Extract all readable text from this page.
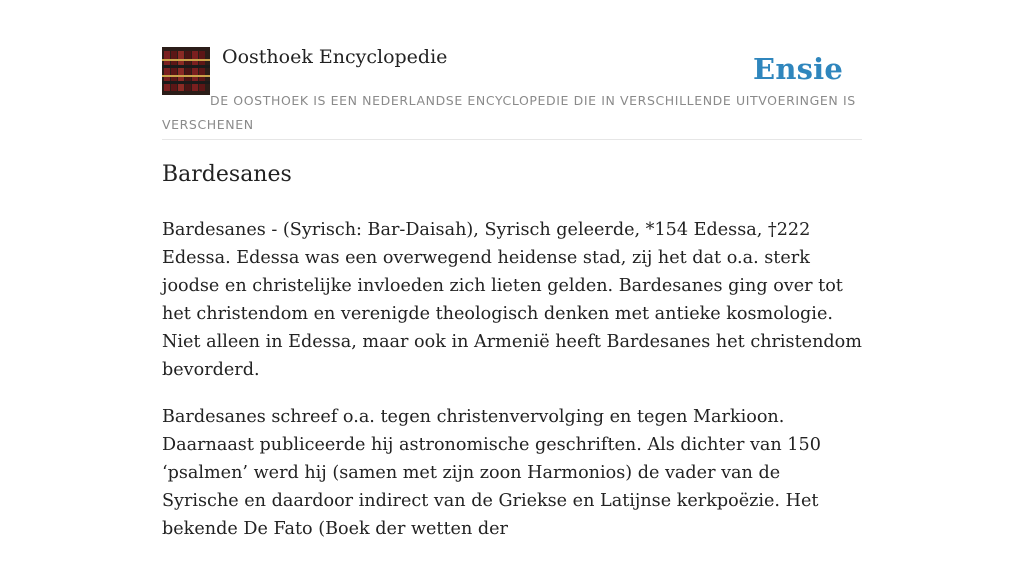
Oosthoek Encyclopedie	Ensie
DE OOSTHOEK IS EEN NEDERLANDSE ENCYCLOPEDIE DIE IN VERSCHILLENDE UITVOERINGEN IS VERSCHENEN
Bardesanes

Bardesanes - (Syrisch: Bar-Daisah), Syrisch geleerde, *154 Edessa, †222 Edessa. Edessa was een overwegend heidense stad, zij het dat o.a. sterk joodse en christelijke invloeden zich lieten gelden. Bardesanes ging over tot het christendom en verenigde theologisch denken met antieke kosmologie. Niet alleen in Edessa, maar ook in Armenië heeft Bardesanes het christendom bevorderd.

Bardesanes schreef o.a. tegen christenvervolging en tegen Markioon. Daarnaast publiceerde hij astronomische geschriften. Als dichter van 150 ‘psalmen’ werd hij (samen met zijn zoon Harmonios) de vader van de Syrische en daardoor indirect van de Griekse en Latijnse kerkpoëzie. Het bekende De Fato (Boek der wetten der
